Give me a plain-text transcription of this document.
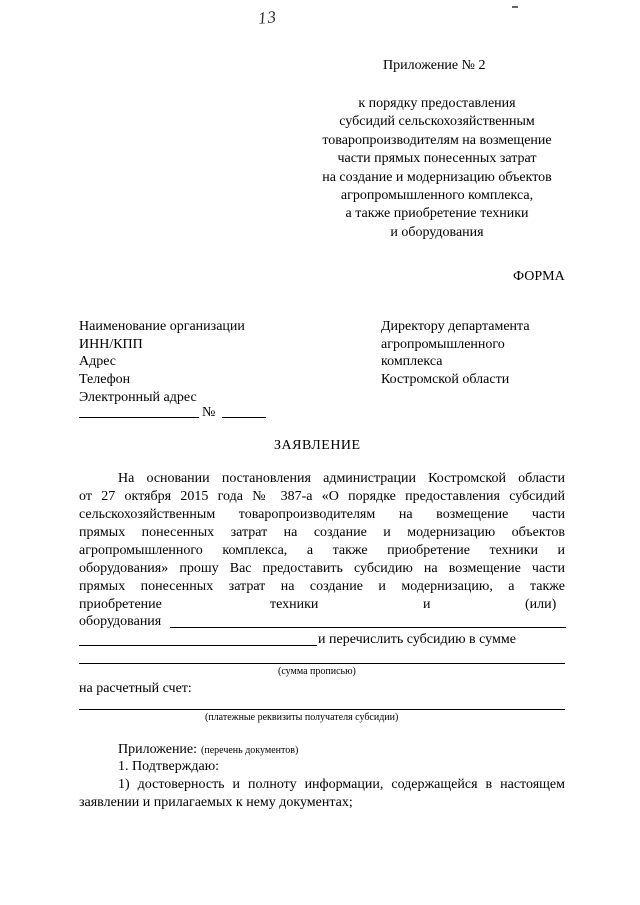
13
Приложение № 2
к порядку предоставления
субсидий сельскохозяйственным
товаропроизводителям на возмещение
части прямых понесенных затрат
на создание и модернизацию объектов
агропромышленного комплекса,
а также приобретение техники
и оборудования
ФОРМА
Наименование организации
ИНН/КПП
Адрес
Телефон
Электронный адрес
№
Директору департамента
агропромышленного
комплекса
Костромской области
ЗАЯВЛЕНИЕ
На основании постановления администрации Костромской области
от 27 октября 2015 года № 387-а «О порядке предоставления субсидий
сельскохозяйственным товаропроизводителям на возмещение части
прямых понесенных затрат на создание и модернизацию объектов
агропромышленного комплекса, а также приобретение техники и
оборудования» прошу Вас предоставить субсидию на возмещение части
прямых понесенных затрат на создание и модернизацию, а также
приобретение	техники	и	(или)
оборудования
и перечислить субсидию в сумме
(сумма прописью)
на расчетный счет:
(платежные реквизиты получателя субсидии)
Приложение: (перечень документов)
1. Подтверждаю:
1) достоверность и полноту информации, содержащейся в настоящем
заявлении и прилагаемых к нему документах;
